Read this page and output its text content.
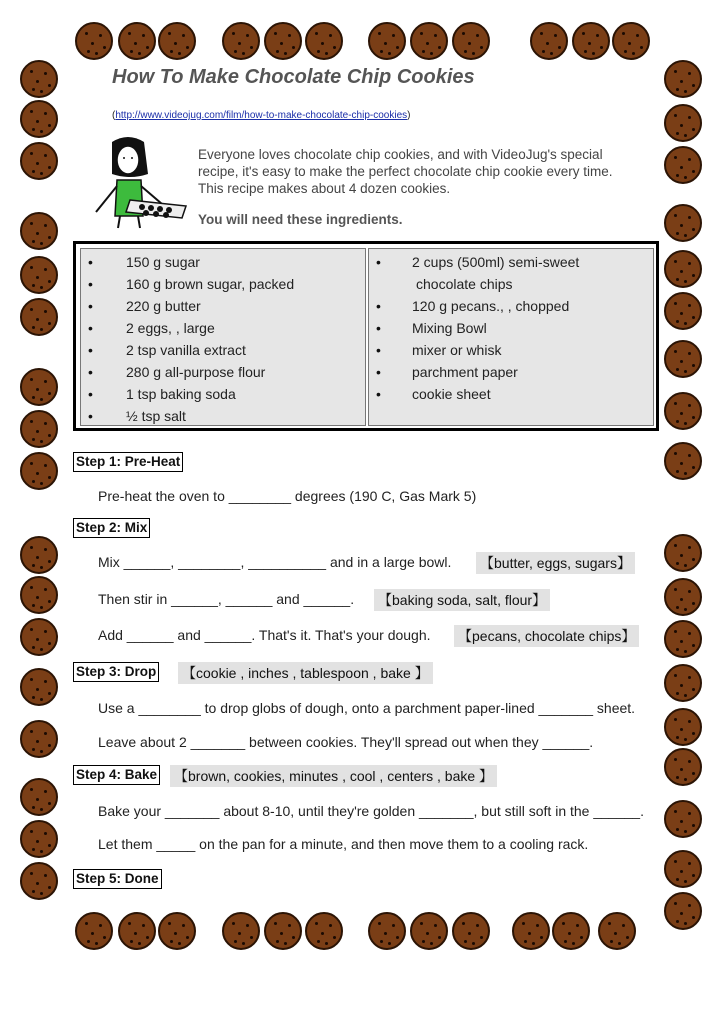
How To Make Chocolate Chip Cookies
(http://www.videojug.com/film/how-to-make-chocolate-chip-cookies)

Everyone loves chocolate chip cookies, and with VideoJug's special recipe, it's easy to make the perfect chocolate chip cookie every time. This recipe makes about 4 dozen cookies.

You will need these ingredients.
• 150 g sugar
• 160 g brown sugar, packed
• 220 g butter
• 2 eggs, , large
• 2 tsp vanilla extract
• 280 g all-purpose flour
• 1 tsp baking soda
• ½ tsp salt
• 2 cups (500ml) semi-sweet
chocolate chips
• 120 g pecans., , chopped
• Mixing Bowl
• mixer or whisk
• parchment paper
• cookie sheet
Step 1: Pre-Heat
Pre-heat the oven to ________ degrees (190 C, Gas Mark 5)
Step 2: Mix
Mix ______, ________, __________ and in a large bowl. 【butter, eggs, sugars】
Then stir in ______, ______ and ______. 【baking soda, salt, flour】
Add ______ and ______. That's it. That's your dough. 【pecans, chocolate chips】
Step 3: Drop 【cookie , inches , tablespoon , bake 】
Use a ________ to drop globs of dough, onto a parchment paper-lined _______ sheet.
Leave about 2 _______ between cookies. They'll spread out when they ______.
Step 4: Bake 【brown, cookies, minutes , cool , centers , bake 】
Bake your _______ about 8-10, until they're golden _______, but still soft in the ______.
Let them _____ on the pan for a minute, and then move them to a cooling rack.
Step 5: Done
